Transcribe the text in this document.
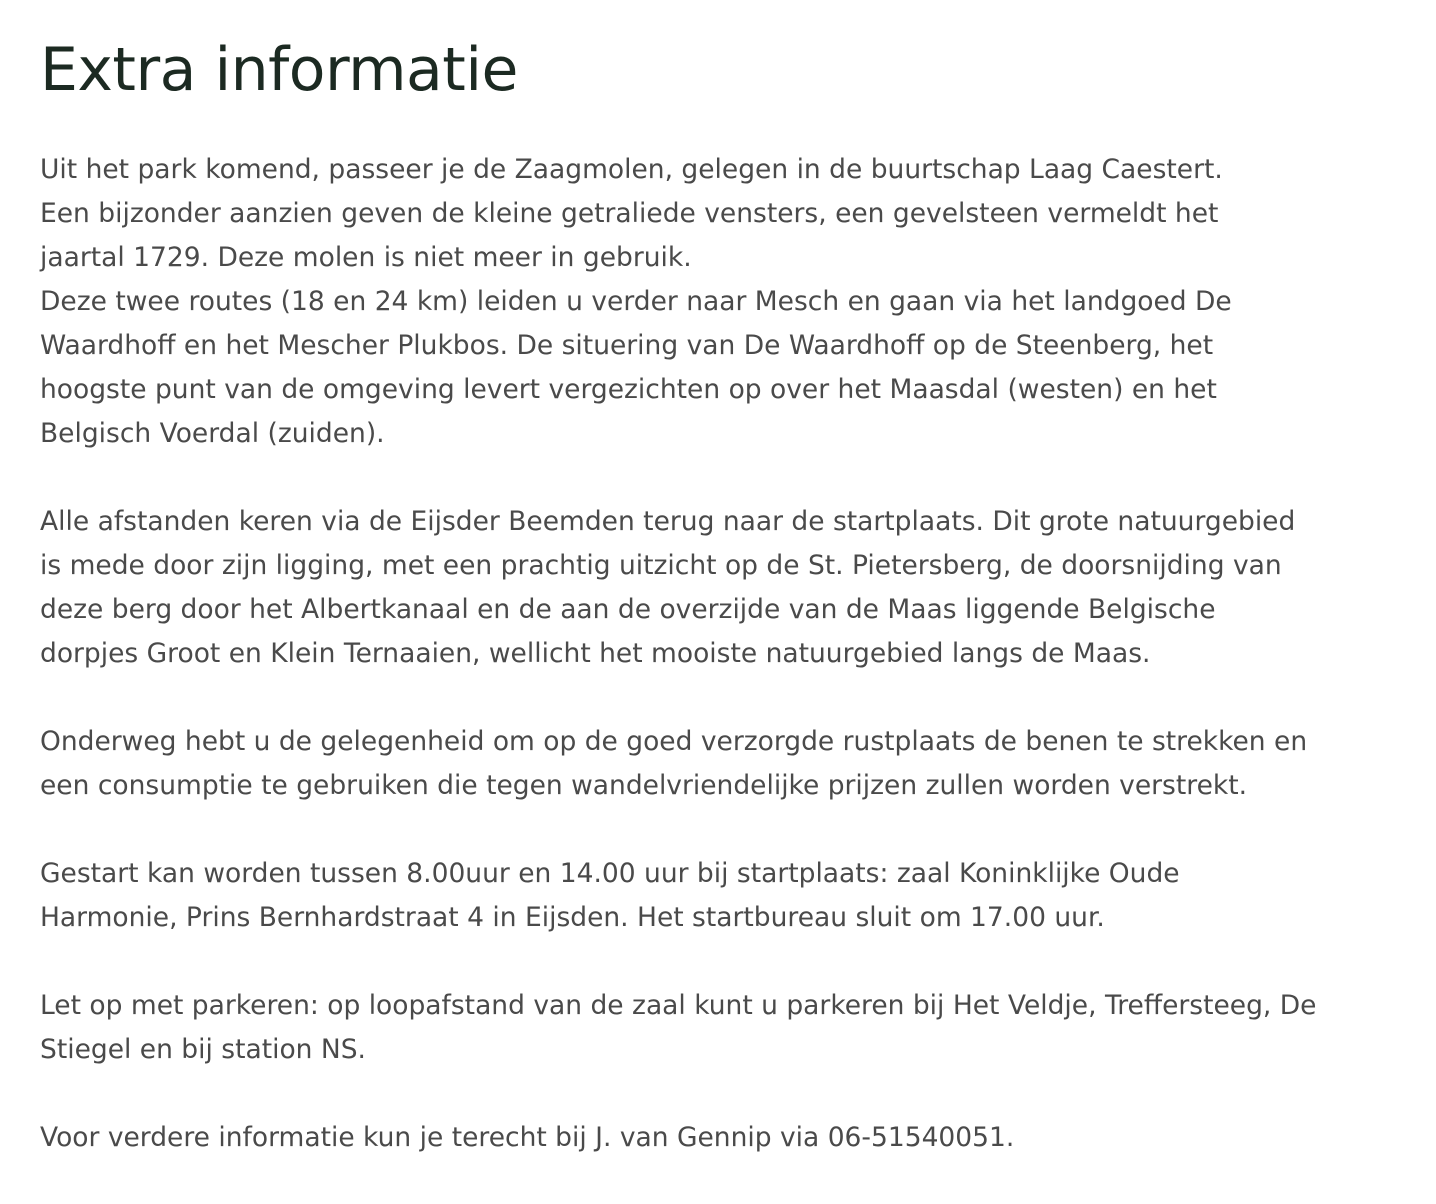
Extra informatie

Uit het park komend, passeer je de Zaagmolen, gelegen in de buurtschap Laag Caestert.
Een bijzonder aanzien geven de kleine getraliede vensters, een gevelsteen vermeldt het
jaartal 1729. Deze molen is niet meer in gebruik.
Deze twee routes (18 en 24 km) leiden u verder naar Mesch en gaan via het landgoed De
Waardhoff en het Mescher Plukbos. De situering van De Waardhoff op de Steenberg, het
hoogste punt van de omgeving levert vergezichten op over het Maasdal (westen) en het
Belgisch Voerdal (zuiden).

Alle afstanden keren via de Eijsder Beemden terug naar de startplaats. Dit grote natuurgebied
is mede door zijn ligging, met een prachtig uitzicht op de St. Pietersberg, de doorsnijding van
deze berg door het Albertkanaal en de aan de overzijde van de Maas liggende Belgische
dorpjes Groot en Klein Ternaaien, wellicht het mooiste natuurgebied langs de Maas.

Onderweg hebt u de gelegenheid om op de goed verzorgde rustplaats de benen te strekken en
een consumptie te gebruiken die tegen wandelvriendelijke prijzen zullen worden verstrekt.

Gestart kan worden tussen 8.00uur en 14.00 uur bij startplaats: zaal Koninklijke Oude
Harmonie, Prins Bernhardstraat 4 in Eijsden. Het startbureau sluit om 17.00 uur.

Let op met parkeren: op loopafstand van de zaal kunt u parkeren bij Het Veldje, Treffersteeg, De
Stiegel en bij station NS.

Voor verdere informatie kun je terecht bij J. van Gennip via 06-51540051.
